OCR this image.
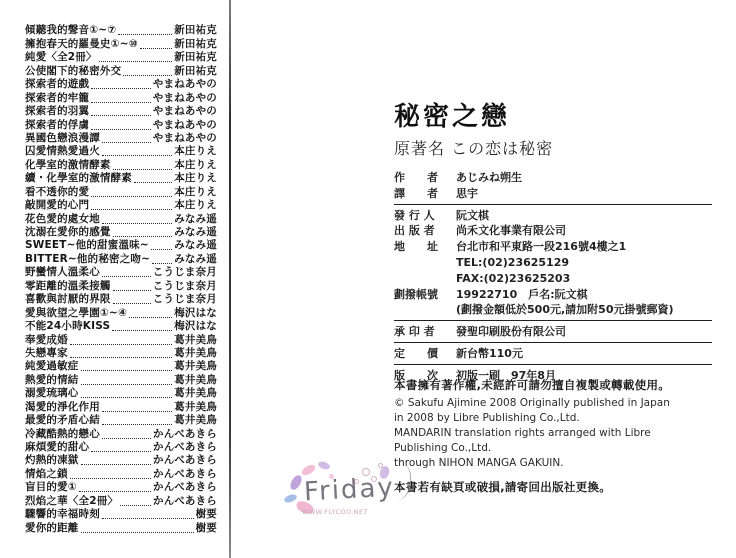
傾聽我的聲音①~⑦	新田祐克
擁抱春天的羅曼史①~⑩	新田祐克
純愛〈全2冊〉	新田祐克
公使閣下的秘密外交	新田祐克
探索者的遊戲	やまねあやの
探索者的牢籠	やまねあやの
探索者的羽翼	やまねあやの
探索者的俘虜	やまねあやの
異國色戀浪漫譚	やまねあやの
囚愛情熱愛過火	本庄りえ
化學室的激情酵素	本庄りえ
續・化學室的激情酵素	本庄りえ
看不透你的愛	本庄りえ
敲開愛的心門	本庄りえ
花色愛的處女地	みなみ遥
沈溺在愛你的感覺	みなみ遥
SWEET~他的甜蜜溫味~ みなみ遥
BITTER~他的秘密之吻~ みなみ遥
野蠻情人溫柔心	こうじま奈月
零距離的溫柔接觸	こうじま奈月
喜歡與討厭的界限	こうじま奈月
愛與欲望之學園①~④	梅沢はな
不能24小時KISS	梅沢はな
奉愛成婚	葛井美鳥
失戀專家	葛井美鳥
純愛過敏症	葛井美鳥
熱愛的情結	葛井美鳥
溺愛琉璃心	葛井美鳥
渴愛的淨化作用	葛井美鳥
最愛的矛盾心結	葛井美鳥
冷藏酷熱的戀心	かんべあきら
麻煩愛的甜心	かんべあきら
灼熱的凍獄	かんべあきら
情焰之鎖	かんべあきら
盲目的愛①	かんべあきら
烈焰之華〈全2冊〉	かんべあきら
驟響的幸福時刻	樹要
愛你的距離	樹要
秘密之戀
原著名 この恋は秘密
作　　者	あじみね朔生
譯　　者	思宇
發 行 人	阮文棋
出 版 者	尚禾文化事業有限公司
地　　址	台北市和平東路一段216號4樓之1
TEL:(02)23625129
FAX:(02)23625203
劃撥帳號	19922710　戶名:阮文棋
(劃撥金額低於500元,請加附50元掛號郵資)
承 印 者	發聖印刷股份有限公司
定　　價	新台幣110元
版　　次	初版一刷　97年8月
本書擁有著作權,未經許可請勿擅自複製或轉載使用。
© Sakufu Ajimine 2008 Originally published in Japan
in 2008 by Libre Publishing Co.,Ltd.
MANDARIN translation rights arranged with Libre
Publishing Co.,Ltd.
through NIHON MANGA GAKUIN.
本書若有缺頁或破損,請寄回出版社更換。
Friday
WWW.FLYCOO.NET
